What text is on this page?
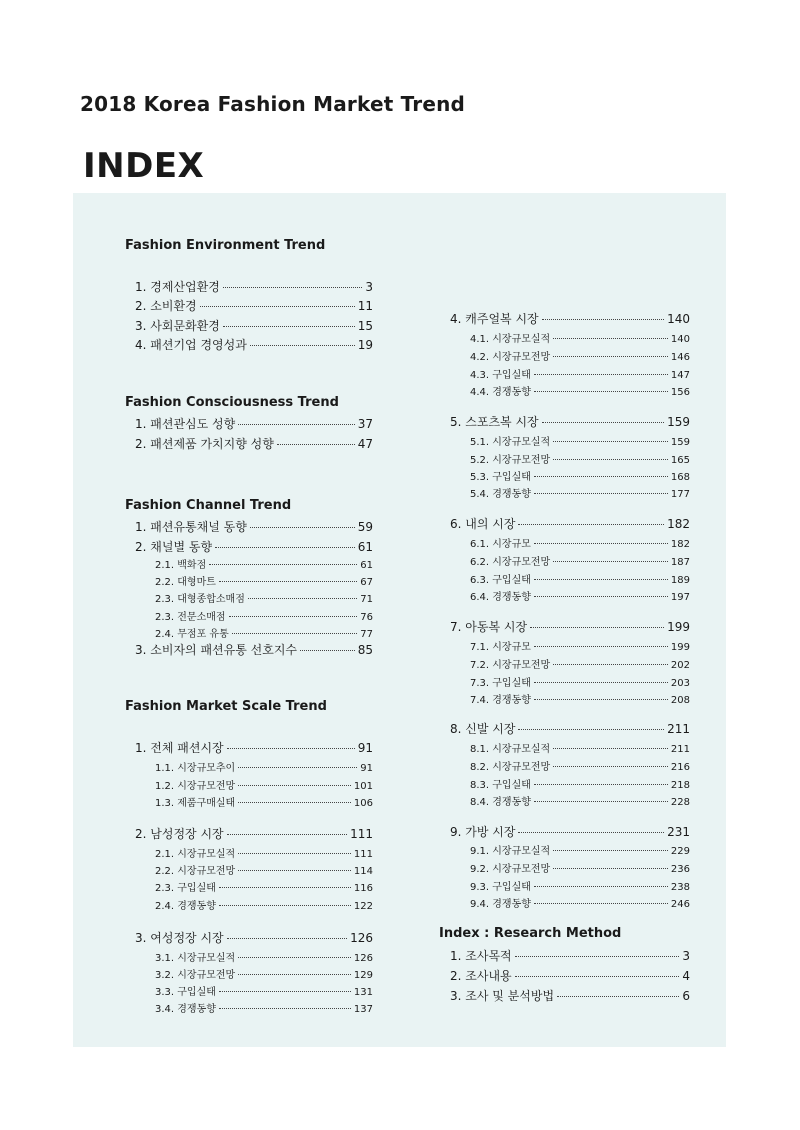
2018 Korea Fashion Market Trend
INDEX
Fashion Environment Trend
1. 경제산업환경	3
2. 소비환경	11
3. 사회문화환경	15
4. 패션기업 경영성과	19
Fashion Consciousness Trend
1. 패션관심도 성향	37
2. 패션제품 가치지향 성향	47
Fashion Channel Trend
1. 패션유통채널 동향	59
2. 채널별 동향	61
2.1. 백화점	61
2.2. 대형마트	67
2.3. 대형종합소매점	71
2.3. 전문소매점	76
2.4. 무점포 유통	77
3. 소비자의 패션유통 선호지수	85
Fashion Market Scale Trend
1. 전체 패션시장	91
1.1. 시장규모추이	91
1.2. 시장규모전망	101
1.3. 제품구매실태	106
2. 남성정장 시장	111
2.1. 시장규모실적	111
2.2. 시장규모전망	114
2.3. 구입실태	116
2.4. 경쟁동향	122
3. 여성정장 시장	126
3.1. 시장규모실적	126
3.2. 시장규모전망	129
3.3. 구입실태	131
3.4. 경쟁동향	137
4. 캐주얼복 시장	140
4.1. 시장규모실적	140
4.2. 시장규모전망	146
4.3. 구입실태	147
4.4. 경쟁동향	156
5. 스포츠복 시장	159
5.1. 시장규모실적	159
5.2. 시장규모전망	165
5.3. 구입실태	168
5.4. 경쟁동향	177
6. 내의 시장	182
6.1. 시장규모	182
6.2. 시장규모전망	187
6.3. 구입실태	189
6.4. 경쟁동향	197
7. 아동복 시장	199
7.1. 시장규모	199
7.2. 시장규모전망	202
7.3. 구입실태	203
7.4. 경쟁동향	208
8. 신발 시장	211
8.1. 시장규모실적	211
8.2. 시장규모전망	216
8.3. 구입실태	218
8.4. 경쟁동향	228
9. 가방 시장	231
9.1. 시장규모실적	229
9.2. 시장규모전망	236
9.3. 구입실태	238
9.4. 경쟁동향	246
Index : Research Method
1. 조사목적	3
2. 조사내용	4
3. 조사 및 분석방법	6
